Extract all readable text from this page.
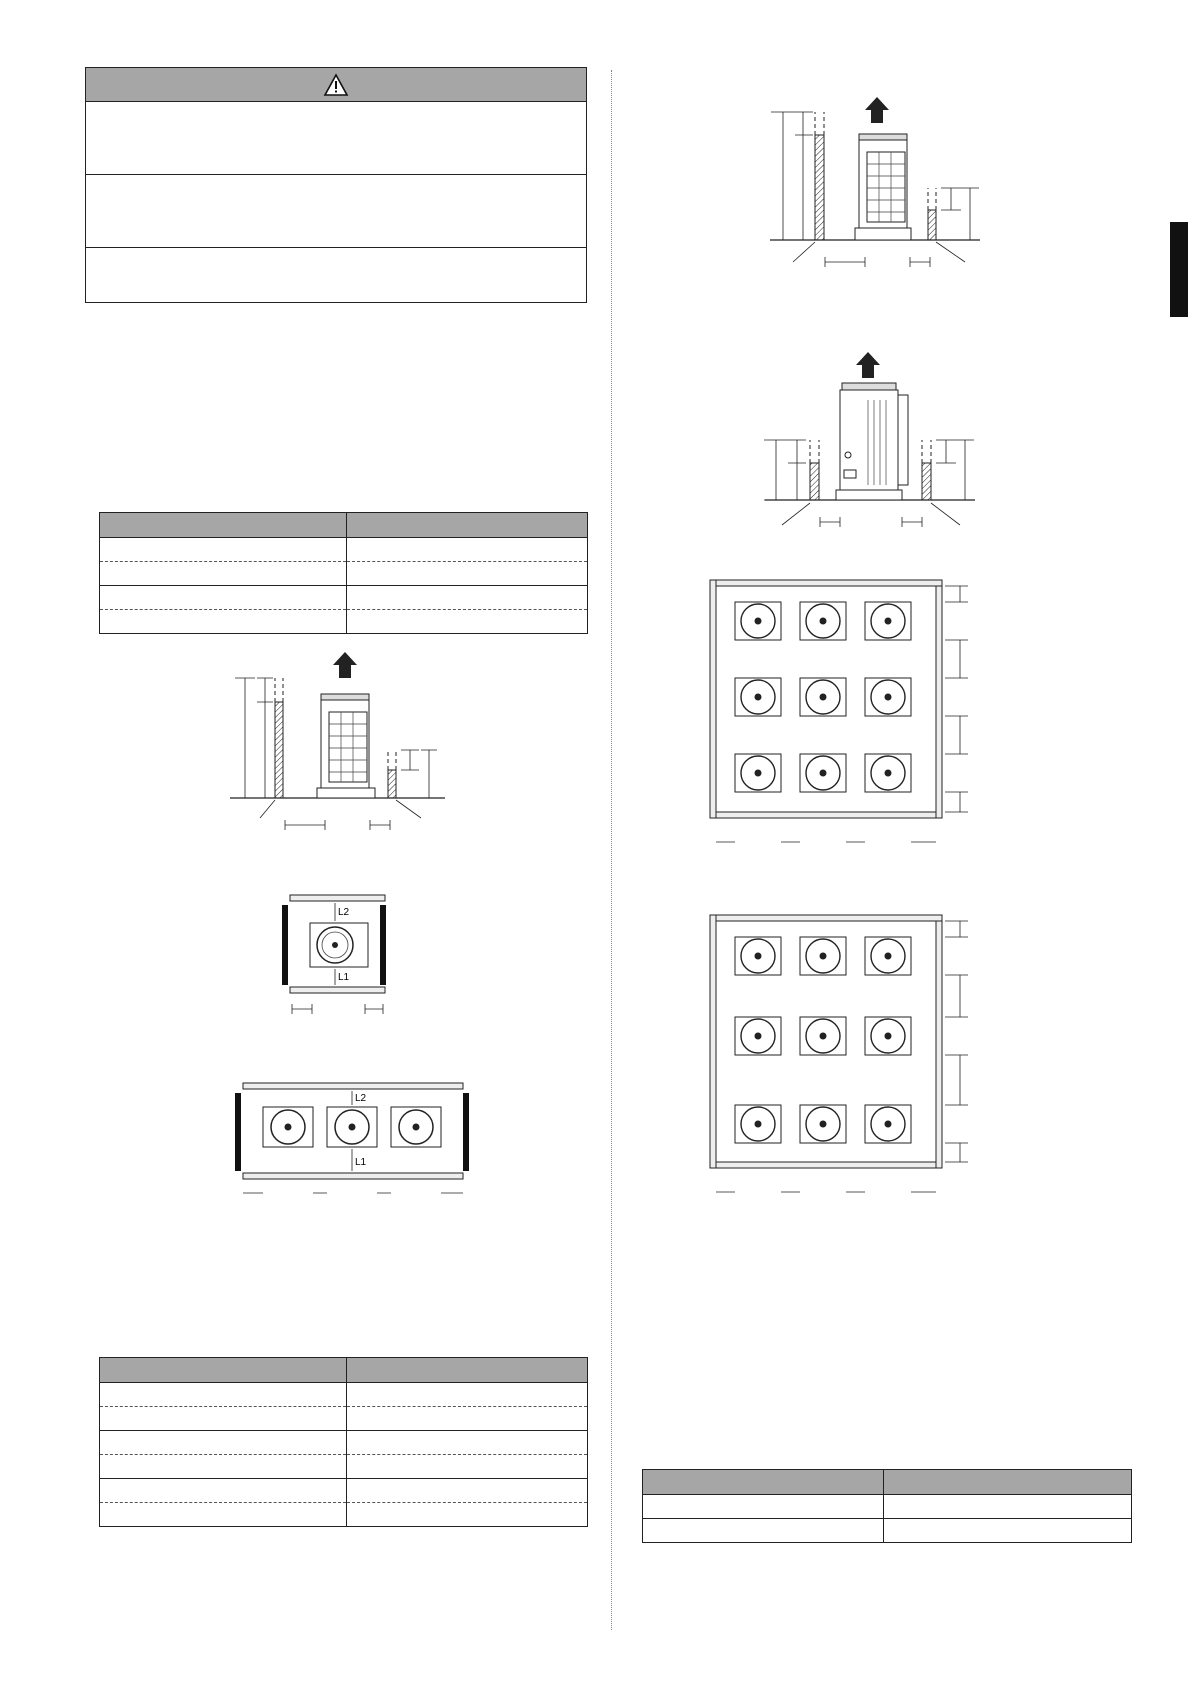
L2
L1
L2
L1
